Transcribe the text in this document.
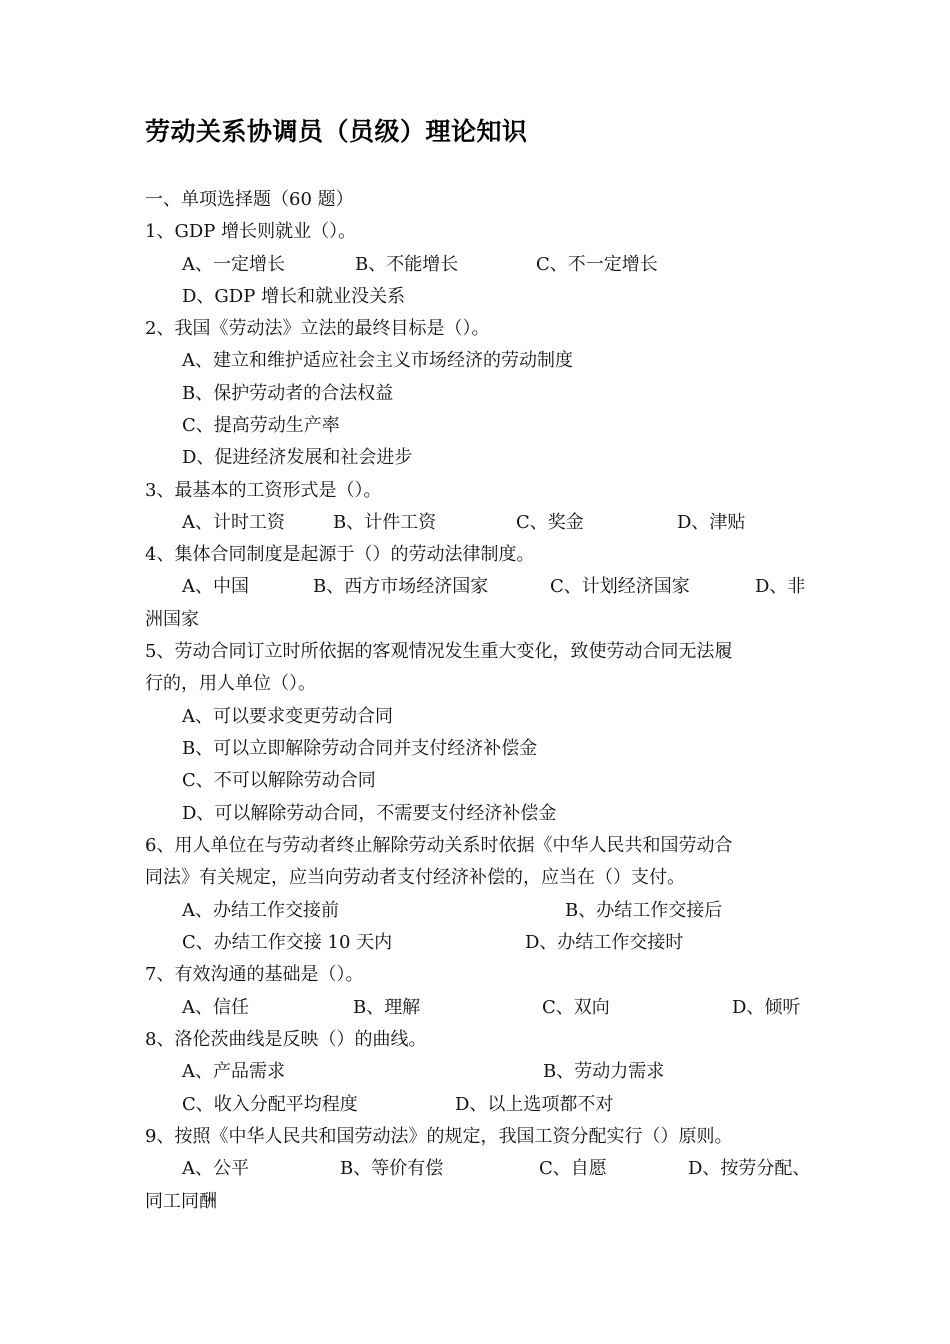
劳动关系协调员（员级）理论知识
一、单项选择题（60 题）
1、GDP 增长则就业（）。
A、一定增长	B、不能增长	C、不一定增长
D、GDP 增长和就业没关系
2、我国《劳动法》立法的最终目标是（）。
A、建立和维护适应社会主义市场经济的劳动制度
B、保护劳动者的合法权益
C、提高劳动生产率
D、促进经济发展和社会进步
3、最基本的工资形式是（）。
A、计时工资	B、计件工资	C、奖金	D、津贴
4、集体合同制度是起源于（）的劳动法律制度。
A、中国	B、西方市场经济国家	C、计划经济国家	D、非
洲国家
5、劳动合同订立时所依据的客观情况发生重大变化，致使劳动合同无法履
行的，用人单位（）。
A、可以要求变更劳动合同
B、可以立即解除劳动合同并支付经济补偿金
C、不可以解除劳动合同
D、可以解除劳动合同，不需要支付经济补偿金
6、用人单位在与劳动者终止解除劳动关系时依据《中华人民共和国劳动合
同法》有关规定，应当向劳动者支付经济补偿的，应当在（）支付。
A、办结工作交接前	B、办结工作交接后
C、办结工作交接 10 天内	D、办结工作交接时
7、有效沟通的基础是（）。
A、信任	B、理解	C、双向	D、倾听
8、洛伦茨曲线是反映（）的曲线。
A、产品需求	B、劳动力需求
C、收入分配平均程度	D、以上选项都不对
9、按照《中华人民共和国劳动法》的规定，我国工资分配实行（）原则。
A、公平	B、等价有偿	C、自愿	D、按劳分配、
同工同酬
